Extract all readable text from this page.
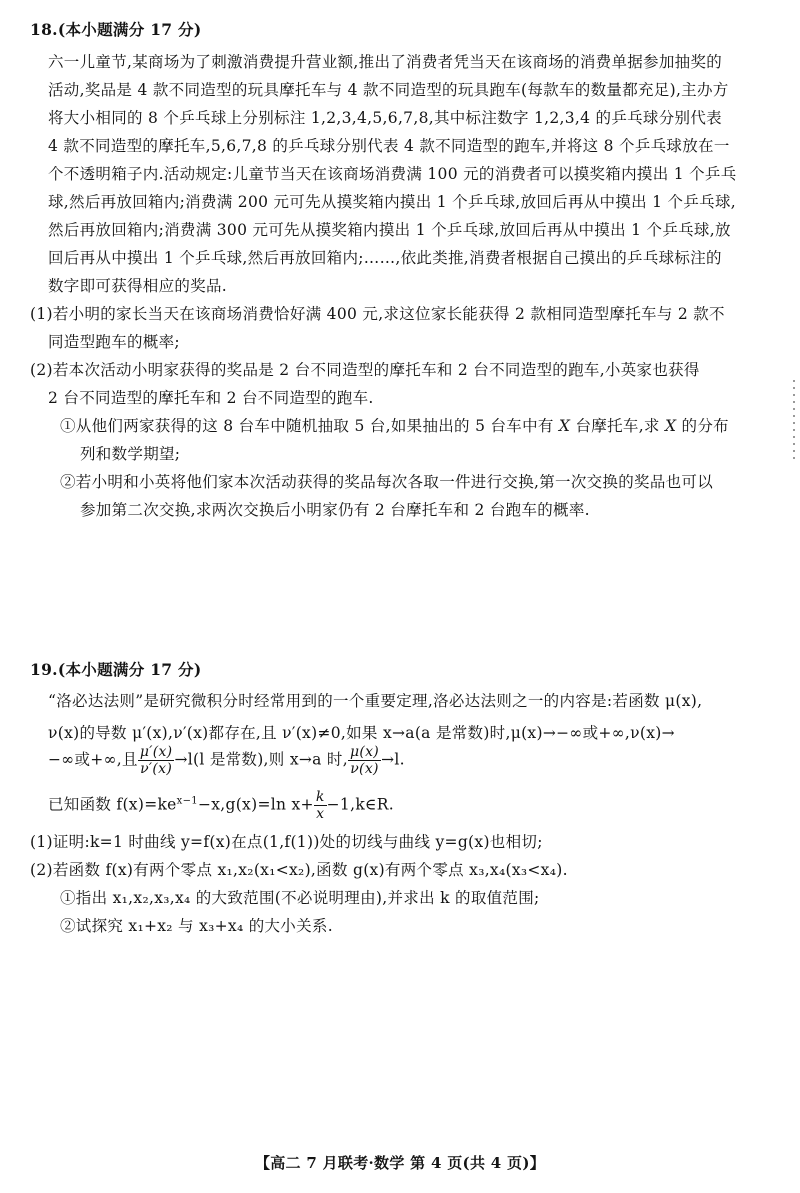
18.(本小题满分 17 分)
六一儿童节,某商场为了刺激消费提升营业额,推出了消费者凭当天在该商场的消费单据参加抽奖的
活动,奖品是 4 款不同造型的玩具摩托车与 4 款不同造型的玩具跑车(每款车的数量都充足),主办方
将大小相同的 8 个乒乓球上分别标注 1,2,3,4,5,6,7,8,其中标注数字 1,2,3,4 的乒乓球分别代表
4 款不同造型的摩托车,5,6,7,8 的乒乓球分别代表 4 款不同造型的跑车,并将这 8 个乒乓球放在一
个不透明箱子内.活动规定:儿童节当天在该商场消费满 100 元的消费者可以摸奖箱内摸出 1 个乒乓
球,然后再放回箱内;消费满 200 元可先从摸奖箱内摸出 1 个乒乓球,放回后再从中摸出 1 个乒乓球,
然后再放回箱内;消费满 300 元可先从摸奖箱内摸出 1 个乒乓球,放回后再从中摸出 1 个乒乓球,放
回后再从中摸出 1 个乒乓球,然后再放回箱内;……,依此类推,消费者根据自己摸出的乒乓球标注的
数字即可获得相应的奖品.
(1)若小明的家长当天在该商场消费恰好满 400 元,求这位家长能获得 2 款相同造型摩托车与 2 款不
同造型跑车的概率;
(2)若本次活动小明家获得的奖品是 2 台不同造型的摩托车和 2 台不同造型的跑车,小英家也获得
2 台不同造型的摩托车和 2 台不同造型的跑车.
①从他们两家获得的这 8 台车中随机抽取 5 台,如果抽出的 5 台车中有 X 台摩托车,求 X 的分布
列和数学期望;
②若小明和小英将他们家本次活动获得的奖品每次各取一件进行交换,第一次交换的奖品也可以
参加第二次交换,求两次交换后小明家仍有 2 台摩托车和 2 台跑车的概率.
19.(本小题满分 17 分)
“洛必达法则”是研究微积分时经常用到的一个重要定理,洛必达法则之一的内容是:若函数 μ(x),
ν(x)的导数 μ′(x),ν′(x)都存在,且 ν′(x)≠0,如果 x→a(a 是常数)时,μ(x)→−∞或+∞,ν(x)→
−∞或+∞,且 $\frac{\mu'(x)}{\nu'(x)} \to l(l$ 是常数),则 x→a 时, $\frac{\mu(x)}{\nu(x)} \to l$.
已知函数 $f(x)=ke^{x-1}-x,g(x)=\ln$ $x+ \frac{k}{x}$ −1,k∈R.
(1)证明:k=1 时曲线 y=f(x)在点(1,f(1))处的切线与曲线 y=g(x)也相切;
(2)若函数 f(x)有两个零点 x₁,x₂(x₁<x₂),函数 g(x)有两个零点 x₃,x₄(x₃<x₄).
①指出 x₁,x₂,x₃,x₄ 的大致范围(不必说明理由),并求出 k 的取值范围;
②试探究 x₁+x₂ 与 x₃+x₄ 的大小关系.
【高二 7 月联考·数学 第 4 页(共 4 页)】
